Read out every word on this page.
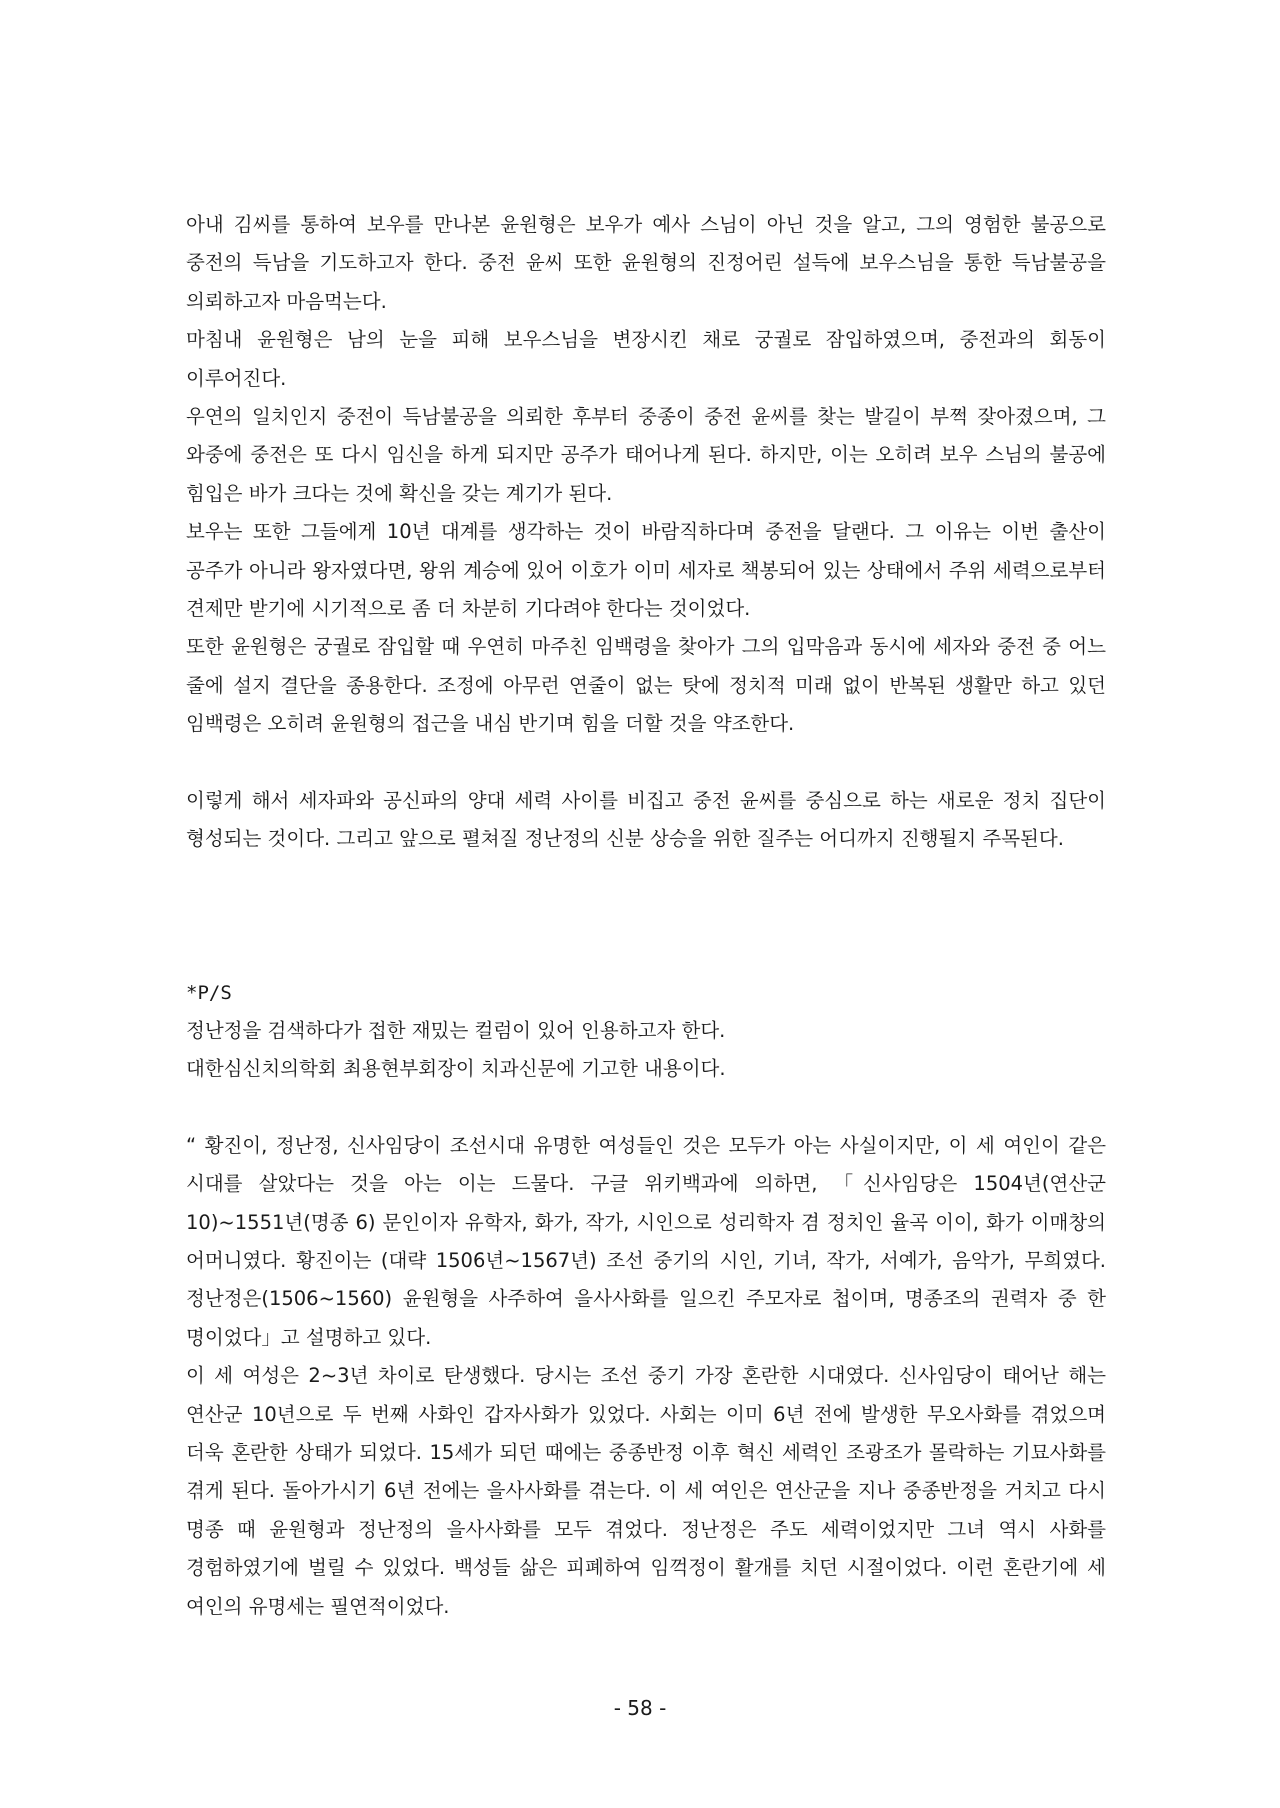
아내 김씨를 통하여 보우를 만나본 윤원형은 보우가 예사 스님이 아닌 것을 알고, 그의 영험한 불공으로 중전의 득남을 기도하고자 한다. 중전 윤씨 또한 윤원형의 진정어린 설득에 보우스님을 통한 득남불공을 의뢰하고자 마음먹는다.

마침내 윤원형은 남의 눈을 피해 보우스님을 변장시킨 채로 궁궐로 잠입하였으며, 중전과의 회동이 이루어진다.

우연의 일치인지 중전이 득남불공을 의뢰한 후부터 중종이 중전 윤씨를 찾는 발길이 부쩍 잦아졌으며, 그 와중에 중전은 또 다시 임신을 하게 되지만 공주가 태어나게 된다. 하지만, 이는 오히려 보우 스님의 불공에 힘입은 바가 크다는 것에 확신을 갖는 계기가 된다.

보우는 또한 그들에게 10년 대계를 생각하는 것이 바람직하다며 중전을 달랜다. 그 이유는 이번 출산이 공주가 아니라 왕자였다면, 왕위 계승에 있어 이호가 이미 세자로 책봉되어 있는 상태에서 주위 세력으로부터 견제만 받기에 시기적으로 좀 더 차분히 기다려야 한다는 것이었다.

또한 윤원형은 궁궐로 잠입할 때 우연히 마주친 임백령을 찾아가 그의 입막음과 동시에 세자와 중전 중 어느 줄에 설지 결단을 종용한다. 조정에 아무런 연줄이 없는 탓에 정치적 미래 없이 반복된 생활만 하고 있던 임백령은 오히려 윤원형의 접근을 내심 반기며 힘을 더할 것을 약조한다.

이렇게 해서 세자파와 공신파의 양대 세력 사이를 비집고 중전 윤씨를 중심으로 하는 새로운 정치 집단이 형성되는 것이다. 그리고 앞으로 펼쳐질 정난정의 신분 상승을 위한 질주는 어디까지 진행될지 주목된다.

*P/S

정난정을 검색하다가 접한 재밌는 컬럼이 있어 인용하고자 한다.

대한심신치의학회 최용현부회장이 치과신문에 기고한 내용이다.

“ 황진이, 정난정, 신사임당이 조선시대 유명한 여성들인 것은 모두가 아는 사실이지만, 이 세 여인이 같은 시대를 살았다는 것을 아는 이는 드물다. 구글 위키백과에 의하면, 「신사임당은 1504년(연산군 10)~1551년(명종 6) 문인이자 유학자, 화가, 작가, 시인으로 성리학자 겸 정치인 율곡 이이, 화가 이매창의 어머니였다. 황진이는 (대략 1506년~1567년) 조선 중기의 시인, 기녀, 작가, 서예가, 음악가, 무희였다. 정난정은(1506~1560) 윤원형을 사주하여 을사사화를 일으킨 주모자로 첩이며, 명종조의 권력자 중 한 명이었다」고 설명하고 있다.

이 세 여성은 2~3년 차이로 탄생했다. 당시는 조선 중기 가장 혼란한 시대였다. 신사임당이 태어난 해는 연산군 10년으로 두 번째 사화인 갑자사화가 있었다. 사회는 이미 6년 전에 발생한 무오사화를 겪었으며 더욱 혼란한 상태가 되었다. 15세가 되던 때에는 중종반정 이후 혁신 세력인 조광조가 몰락하는 기묘사화를 겪게 된다. 돌아가시기 6년 전에는 을사사화를 겪는다. 이 세 여인은 연산군을 지나 중종반정을 거치고 다시 명종 때 윤원형과 정난정의 을사사화를 모두 겪었다. 정난정은 주도 세력이었지만 그녀 역시 사화를 경험하였기에 벌릴 수 있었다. 백성들 삶은 피폐하여 임꺽정이 활개를 치던 시절이었다. 이런 혼란기에 세 여인의 유명세는 필연적이었다.

- 58 -
